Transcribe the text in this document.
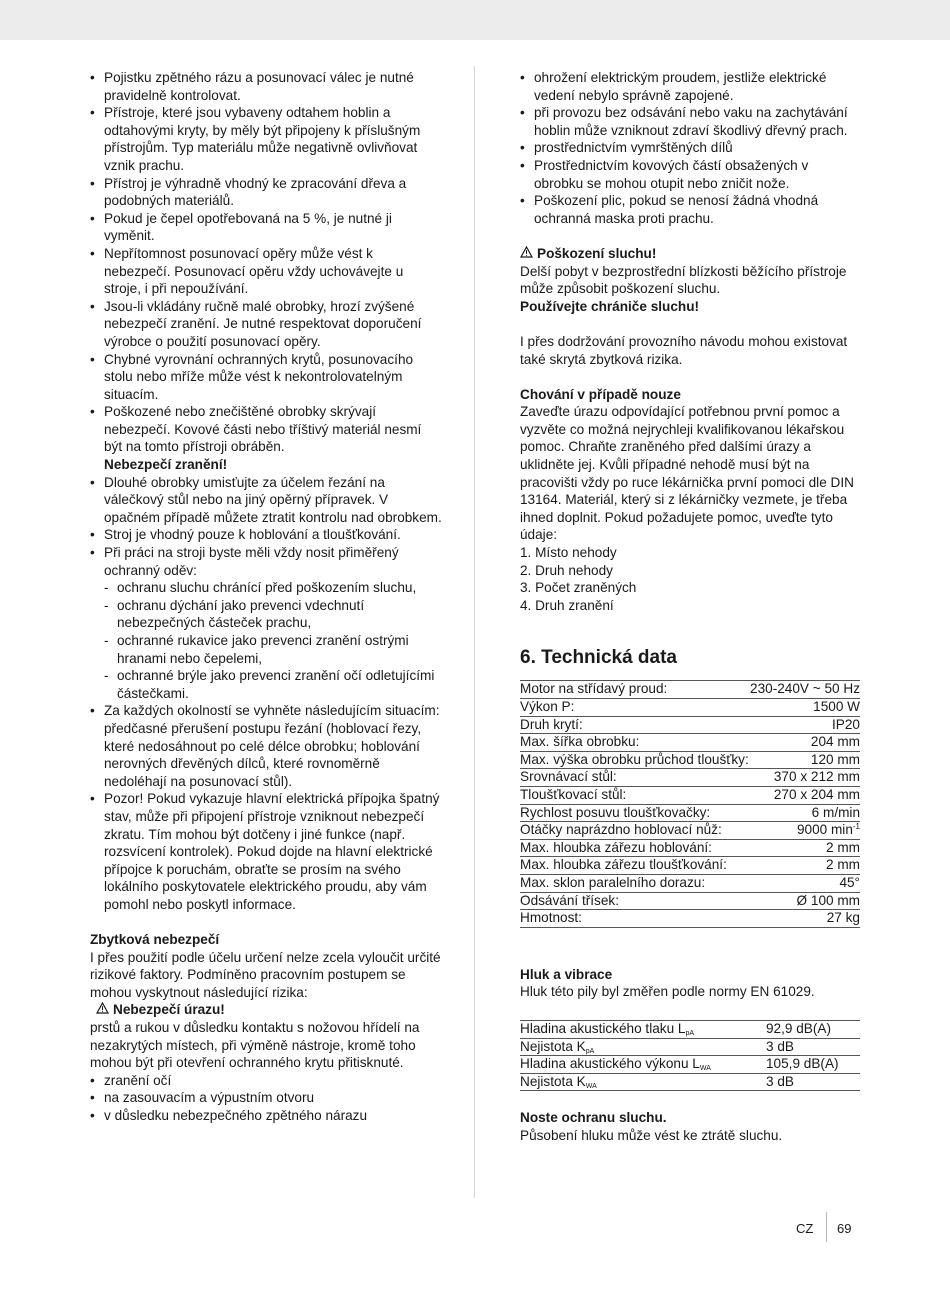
• Pojistku zpětného rázu a posunovací válec je nutné pravidelně kontrolovat.
• Přístroje, které jsou vybaveny odtahem hoblin a odtahovými kryty, by měly být připojeny k příslušným přístrojům. Typ materiálu může negativně ovlivňovat vznik prachu.
• Přístroj je výhradně vhodný ke zpracování dřeva a podobných materiálů.
• Pokud je čepel opotřebovaná na 5 %, je nutné ji vyměnit.
• Nepřítomnost posunovací opěry může vést k nebezpečí. Posunovací opěru vždy uchovávejte u stroje, i při nepoužívání.
• Jsou-li vkládány ručně malé obrobky, hrozí zvýšené nebezpečí zranění. Je nutné respektovat doporučení výrobce o použití posunovací opěry.
• Chybné vyrovnání ochranných krytů, posunovacího stolu nebo mříže může vést k nekontrolovatelným situacím.
• Poškozené nebo znečištěné obrobky skrývají nebezpečí. Kovové části nebo tříštivý materiál nesmí být na tomto přístroji obráběn.

Nebezpečí zranění!

• Dlouhé obrobky umisťujte za účelem řezání na válečkový stůl nebo na jiný opěrný přípravek. V opačném případě můžete ztratit kontrolu nad obrobkem.
• Stroj je vhodný pouze k hoblování a tloušťkování.
• Při práci na stroji byste měli vždy nosit přiměřený ochranný oděv:
- ochranu sluchu chránící před poškozením sluchu,
- ochranu dýchání jako prevenci vdechnutí nebezpečných částeček prachu,
- ochranné rukavice jako prevenci zranění ostrými hranami nebo čepelemi,
- ochranné brýle jako prevenci zranění očí odletujícími částečkami.
• Za každých okolností se vyhněte následujícím situacím: předčasné přerušení postupu řezání (hoblovací řezy, které nedosáhnout po celé délce obrobku; hoblování nerovných dřevěných dílců, které rovnoměrně nedoléhají na posunovací stůl).
• Pozor! Pokud vykazuje hlavní elektrická přípojka špatný stav, může při připojení přístroje vzniknout nebezpečí zkratu. Tím mohou být dotčeny i jiné funkce (např. rozsvícení kontrolek). Pokud dojde na hlavní elektrické přípojce k poruchám, obraťte se prosím na svého lokálního poskytovatele elektrického proudu, aby vám pomohl nebo poskytl informace.

Zbytková nebezpečí

I přes použití podle účelu určení nelze zcela vyloučit určité rizikové faktory. Podmíněno pracovním postupem se mohou vyskytnout následující rizika:

Nebezpečí úrazu!

prstů a rukou v důsledku kontaktu s nožovou hřídelí na nezakrytých místech, při výměně nástroje, kromě toho mohou být při otevření ochranného krytu přitisknuté.

• zranění očí
• na zasouvacím a výpustním otvoru
• v důsledku nebezpečného zpětného nárazu
• ohrožení elektrickým proudem, jestliže elektrické vedení nebylo správně zapojené.
• při provozu bez odsávání nebo vaku na zachytávání hoblin může vzniknout zdraví škodlivý dřevný prach.
• prostřednictvím vymrštěných dílů
• Prostřednictvím kovových částí obsažených v obrobku se mohou otupit nebo zničit nože.
• Poškození plic, pokud se nenosí žádná vhodná ochranná maska proti prachu.

Poškození sluchu!

Delší pobyt v bezprostřední blízkosti běžícího přístroje může způsobit poškození sluchu.

Používejte chrániče sluchu!

I přes dodržování provozního návodu mohou existovat také skrytá zbytková rizika.

Chování v případě nouze

Zaveďte úrazu odpovídající potřebnou první pomoc a vyzvěte co možná nejrychleji kvalifikovanou lékařskou pomoc. Chraňte zraněného před dalšími úrazy a uklidněte jej. Kvůli případné nehodě musí být na pracovišti vždy po ruce lékárnička první pomoci dle DIN 13164. Materiál, který si z lékárničky vezmete, je třeba ihned doplnit. Pokud požadujete pomoc, uveďte tyto údaje:

1. Místo nehody

2. Druh nehody

3. Počet zraněných

4. Druh zranění

6. Technická data
Motor na střídavý proud:	230-240V ~ 50 Hz
Výkon P:	1500 W
Druh krytí:	IP20
Max. šířka obrobku:	204 mm
Max. výška obrobku průchod tloušťky:	120 mm
Srovnávací stůl:	370 x 212 mm
Tloušťkovací stůl:	270 x 204 mm
Rychlost posuvu tloušťkovačky:	6 m/min
Otáčky naprázdno hoblovací nůž:	9000 $\min^{-1}$
Max. hloubka zářezu hoblování:	2 mm
Max. hloubka zářezu tloušťkování:	2 mm
Max. sklon paralelního dorazu:	45°
Odsávání třísek:	Ø 100 mm
Hmotnost:	27 kg

Hluk a vibrace

Hluk této pily byl změřen podle normy EN 61029.

Hladina akustického tlaku $L_{pA}$	92,9 dB(A)
Nejistota $K_{pA}$	3 dB
Hladina akustického výkonu $L_{WA}$	105,9 dB(A)
Nejistota $K_{WA}$	3 dB

Noste ochranu sluchu.

Působení hluku může vést ke ztrátě sluchu.

CZ 69
